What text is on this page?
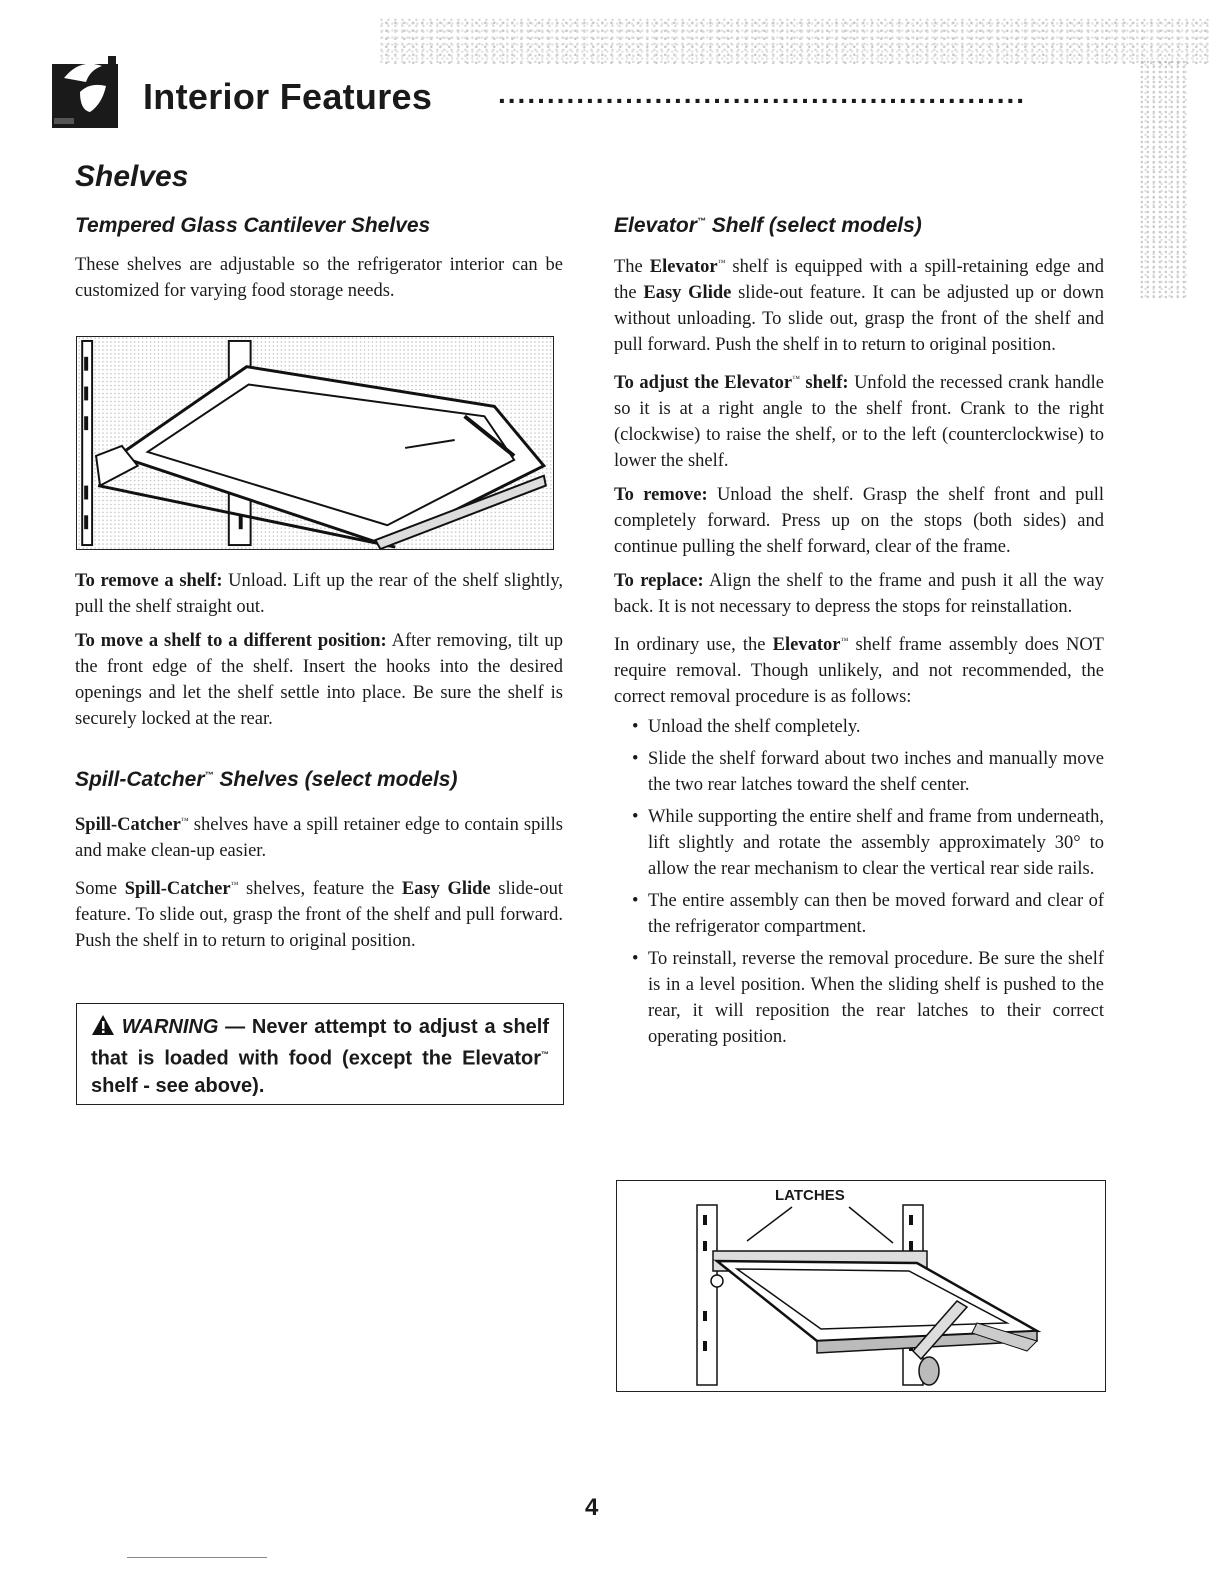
Interior Features ......................................................
Shelves
Tempered Glass Cantilever Shelves

These shelves are adjustable so the refrigerator interior can be customized for varying food storage needs.

To remove a shelf: Unload. Lift up the rear of the shelf slightly, pull the shelf straight out.

To move a shelf to a different position: After removing, tilt up the front edge of the shelf. Insert the hooks into the desired openings and let the shelf settle into place. Be sure the shelf is securely locked at the rear.

Spill-Catcher™ Shelves (select models)

Spill-Catcher™ shelves have a spill retainer edge to contain spills and make clean-up easier.

Some Spill-Catcher™ shelves, feature the Easy Glide slide-out feature. To slide out, grasp the front of the shelf and pull forward. Push the shelf in to return to original position.

WARNING — Never attempt to adjust a shelf that is loaded with food (except the Elevator™ shelf - see above).
Elevator™ Shelf (select models)

The Elevator™ shelf is equipped with a spill-retaining edge and the Easy Glide slide-out feature. It can be adjusted up or down without unloading. To slide out, grasp the front of the shelf and pull forward. Push the shelf in to return to original position.

To adjust the Elevator™ shelf: Unfold the recessed crank handle so it is at a right angle to the shelf front. Crank to the right (clockwise) to raise the shelf, or to the left (counterclockwise) to lower the shelf.

To remove: Unload the shelf. Grasp the shelf front and pull completely forward. Press up on the stops (both sides) and continue pulling the shelf forward, clear of the frame.

To replace: Align the shelf to the frame and push it all the way back. It is not necessary to depress the stops for reinstallation.

In ordinary use, the Elevator™ shelf frame assembly does NOT require removal. Though unlikely, and not recommended, the correct removal procedure is as follows:

• Unload the shelf completely.
• Slide the shelf forward about two inches and manually move the two rear latches toward the shelf center.
• While supporting the entire shelf and frame from underneath, lift slightly and rotate the assembly approximately 30° to allow the rear mechanism to clear the vertical rear side rails.
• The entire assembly can then be moved forward and clear of the refrigerator compartment.
• To reinstall, reverse the removal procedure. Be sure the shelf is in a level position. When the sliding shelf is pushed to the rear, it will reposition the rear latches to their correct operating position.
LATCHES
4
